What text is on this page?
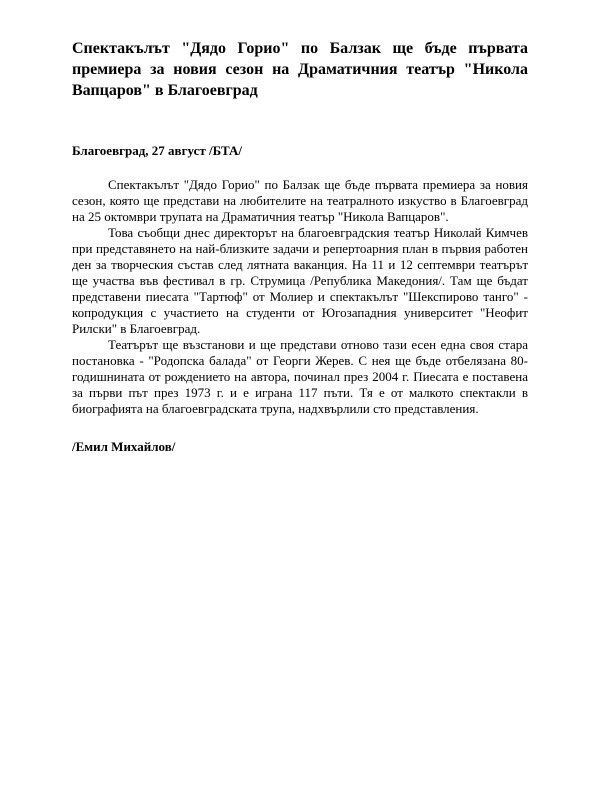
Спектакълът "Дядо Горио" по Балзак ще бъде първата премиера за новия сезон на Драматичния театър "Никола Вапцаров" в Благоевград

Благоевград, 27 август /БТА/

Спектакълът "Дядо Горио" по Балзак ще бъде първата премиера за новия сезон, която ще представи на любителите на театралното изкуство в Благоевград на 25 октомври трупата на Драматичния театър "Никола Вапцаров".

Това съобщи днес директорът на благоевградския театър Николай Кимчев при представянето на най-близките задачи и репертоарния план в първия работен ден за творческия състав след лятната ваканция. На 11 и 12 септември театърът ще участва във фестивал в гр. Струмица /Република Македония/. Там ще бъдат представени пиесата "Тартюф" от Молиер и спектакълът "Шекспирово танго" - копродукция с участието на студенти от Югозападния университет "Неофит Рилски" в Благоевград.

Театърът ще възстанови и ще представи отново тази есен една своя стара постановка - "Родопска балада" от Георги Жерев. С нея ще бъде отбелязана 80-годишнината от рождението на автора, починал през 2004 г. Пиесата е поставена за първи път през 1973 г. и е играна 117 пъти. Тя е от малкото спектакли в биографията на благоевградската трупа, надхвърлили сто представления.

/Емил Михайлов/
